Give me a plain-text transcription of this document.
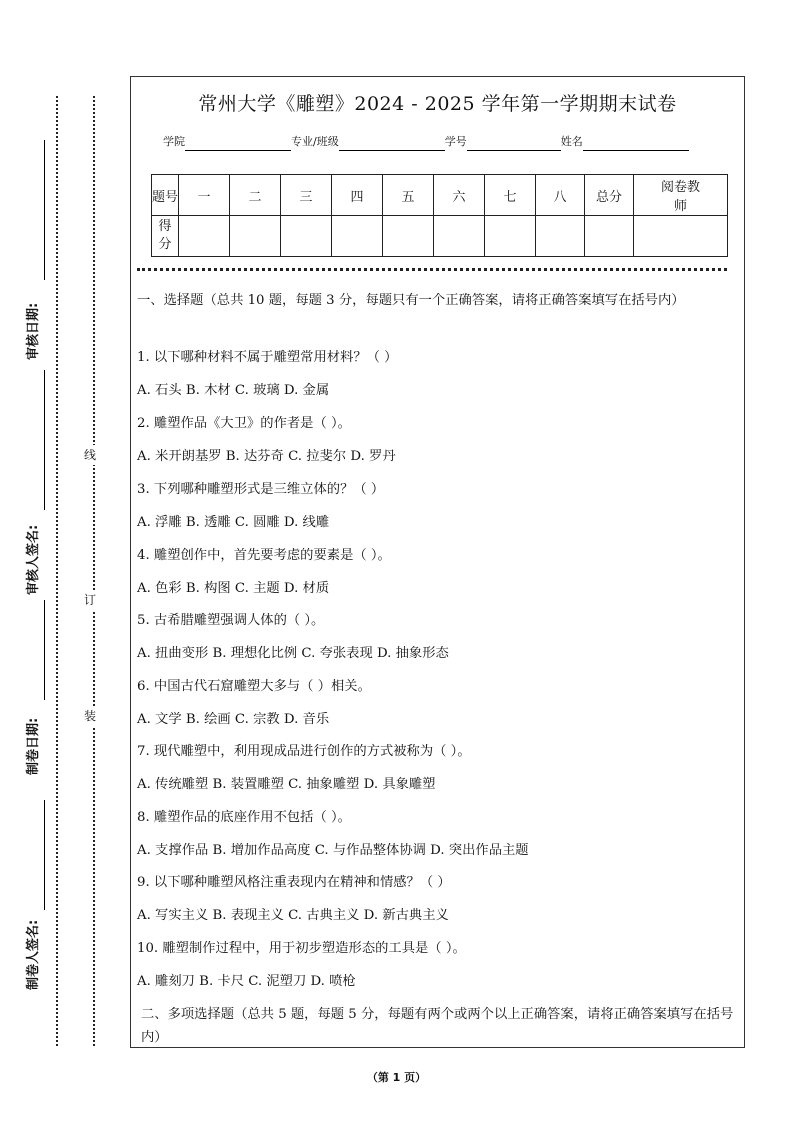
审核日期:
审核人签名:
制卷日期:
制卷人签名:
线
订
装
常州大学《雕塑》2024 - 2025 学年第一学期期末试卷
学院	专业/班级	学号	姓名
题号	一	二	三	四	五	六	七	八	总分	阅卷教师
得分										

一、选择题（总共 10 题，每题 3 分，每题只有一个正确答案，请将正确答案填写在括号内）

1. 以下哪种材料不属于雕塑常用材料？（ ）

A. 石头 B. 木材 C. 玻璃 D. 金属

2. 雕塑作品《大卫》的作者是（ ）。

A. 米开朗基罗 B. 达芬奇 C. 拉斐尔 D. 罗丹

3. 下列哪种雕塑形式是三维立体的？（ ）

A. 浮雕 B. 透雕 C. 圆雕 D. 线雕

4. 雕塑创作中，首先要考虑的要素是（ ）。

A. 色彩 B. 构图 C. 主题 D. 材质

5. 古希腊雕塑强调人体的（ ）。

A. 扭曲变形 B. 理想化比例 C. 夸张表现 D. 抽象形态

6. 中国古代石窟雕塑大多与（ ）相关。

A. 文学 B. 绘画 C. 宗教 D. 音乐

7. 现代雕塑中，利用现成品进行创作的方式被称为（ ）。

A. 传统雕塑 B. 装置雕塑 C. 抽象雕塑 D. 具象雕塑

8. 雕塑作品的底座作用不包括（ ）。

A. 支撑作品 B. 增加作品高度 C. 与作品整体协调 D. 突出作品主题

9. 以下哪种雕塑风格注重表现内在精神和情感？（ ）

A. 写实主义 B. 表现主义 C. 古典主义 D. 新古典主义

10. 雕塑制作过程中，用于初步塑造形态的工具是（ ）。

A. 雕刻刀 B. 卡尺 C. 泥塑刀 D. 喷枪

二、多项选择题（总共 5 题，每题 5 分，每题有两个或两个以上正确答案，请将正确答案填写在括号内）

（第 1 页）
